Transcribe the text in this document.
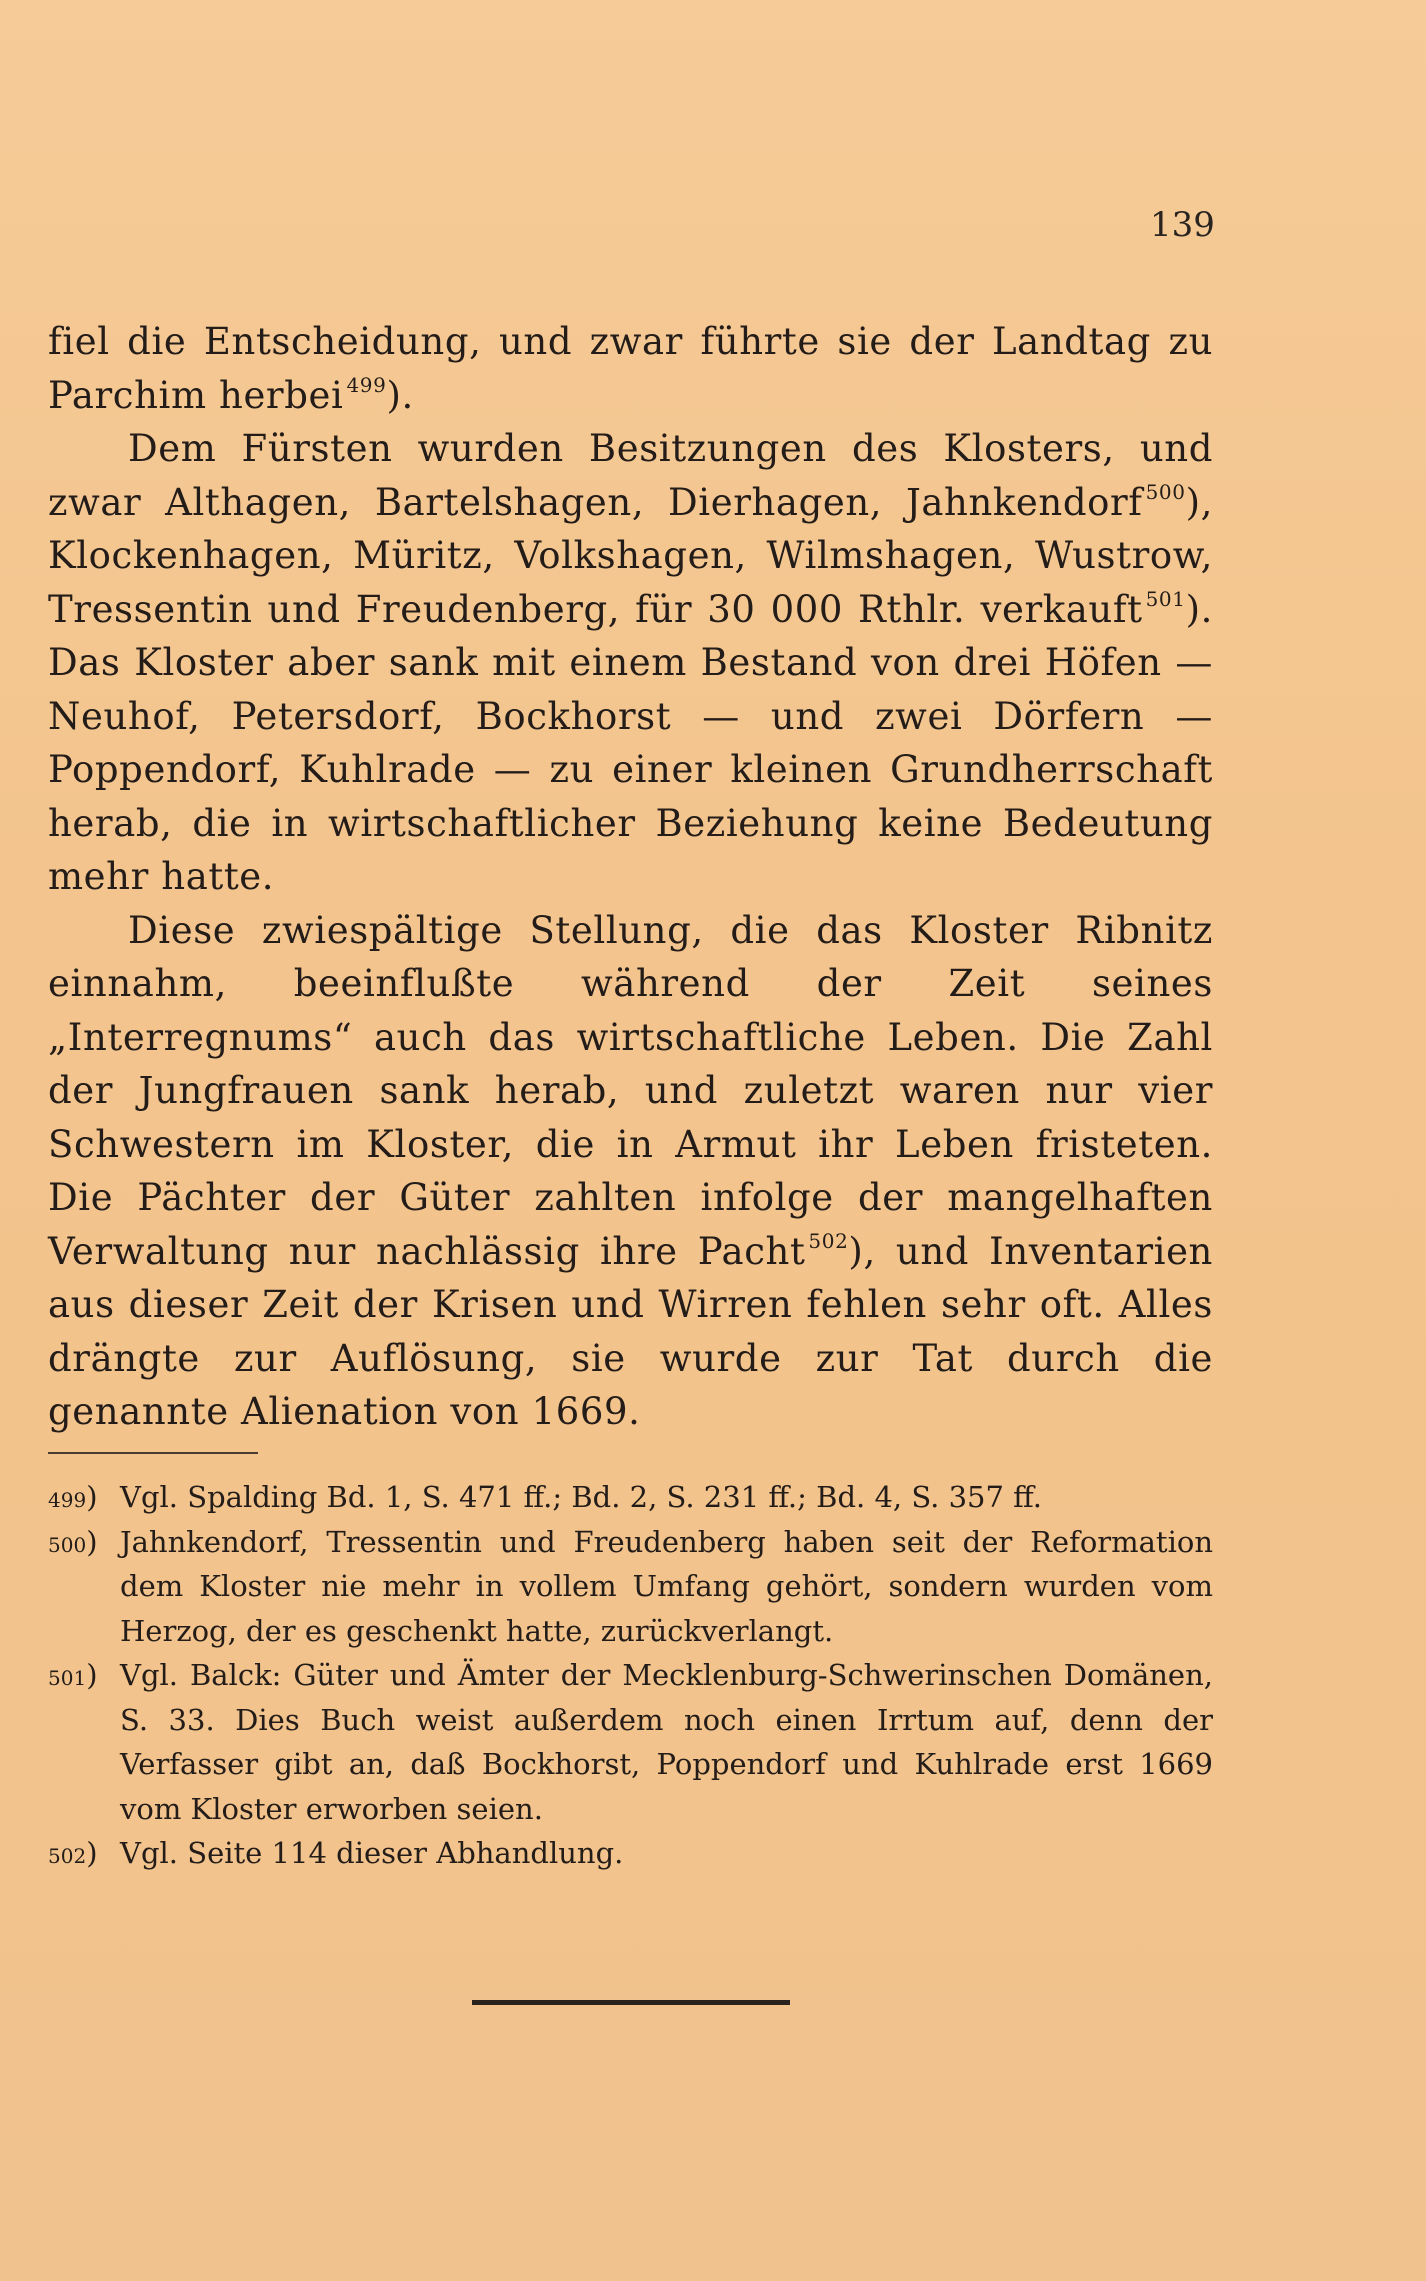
139

fiel die Entscheidung, und zwar führte sie der Landtag zu Parchim herbei $^{499}$).

Dem Fürsten wurden Besitzungen des Klosters, und zwar Althagen, Bartelshagen, Dierhagen, Jahnkendorf $^{500}$), Klockenhagen, Müritz, Volkshagen, Wilmshagen, Wustrow, Tressentin und Freudenberg, für 30 000 Rthlr. verkauft $^{501}$). Das Kloster aber sank mit einem Bestand von drei Höfen — Neuhof, Petersdorf, Bockhorst — und zwei Dörfern — Poppendorf, Kuhlrade — zu einer kleinen Grundherrschaft herab, die in wirtschaftlicher Beziehung keine Bedeutung mehr hatte.

Diese zwiespältige Stellung, die das Kloster Ribnitz einnahm, beeinflußte während der Zeit seines „Interregnums“ auch das wirtschaftliche Leben. Die Zahl der Jungfrauen sank herab, und zuletzt waren nur vier Schwestern im Kloster, die in Armut ihr Leben fristeten. Die Pächter der Güter zahlten infolge der mangelhaften Verwaltung nur nachlässig ihre Pacht $^{502}$), und Inventarien aus dieser Zeit der Krisen und Wirren fehlen sehr oft. Alles drängte zur Auflösung, sie wurde zur Tat durch die genannte Alienation von 1669.

499) Vgl. Spalding Bd. 1, S. 471 ff.; Bd. 2, S. 231 ff.; Bd. 4, S. 357 ff.
500) Jahnkendorf, Tressentin und Freudenberg haben seit der Reformation dem Kloster nie mehr in vollem Umfang gehört, sondern wurden vom Herzog, der es geschenkt hatte, zurückverlangt.
501) Vgl. Balck: Güter und Ämter der Mecklenburg-Schwerinschen Domänen, S. 33. Dies Buch weist außerdem noch einen Irrtum auf, denn der Verfasser gibt an, daß Bockhorst, Poppendorf und Kuhlrade erst 1669 vom Kloster erworben seien.
502) Vgl. Seite 114 dieser Abhandlung.
